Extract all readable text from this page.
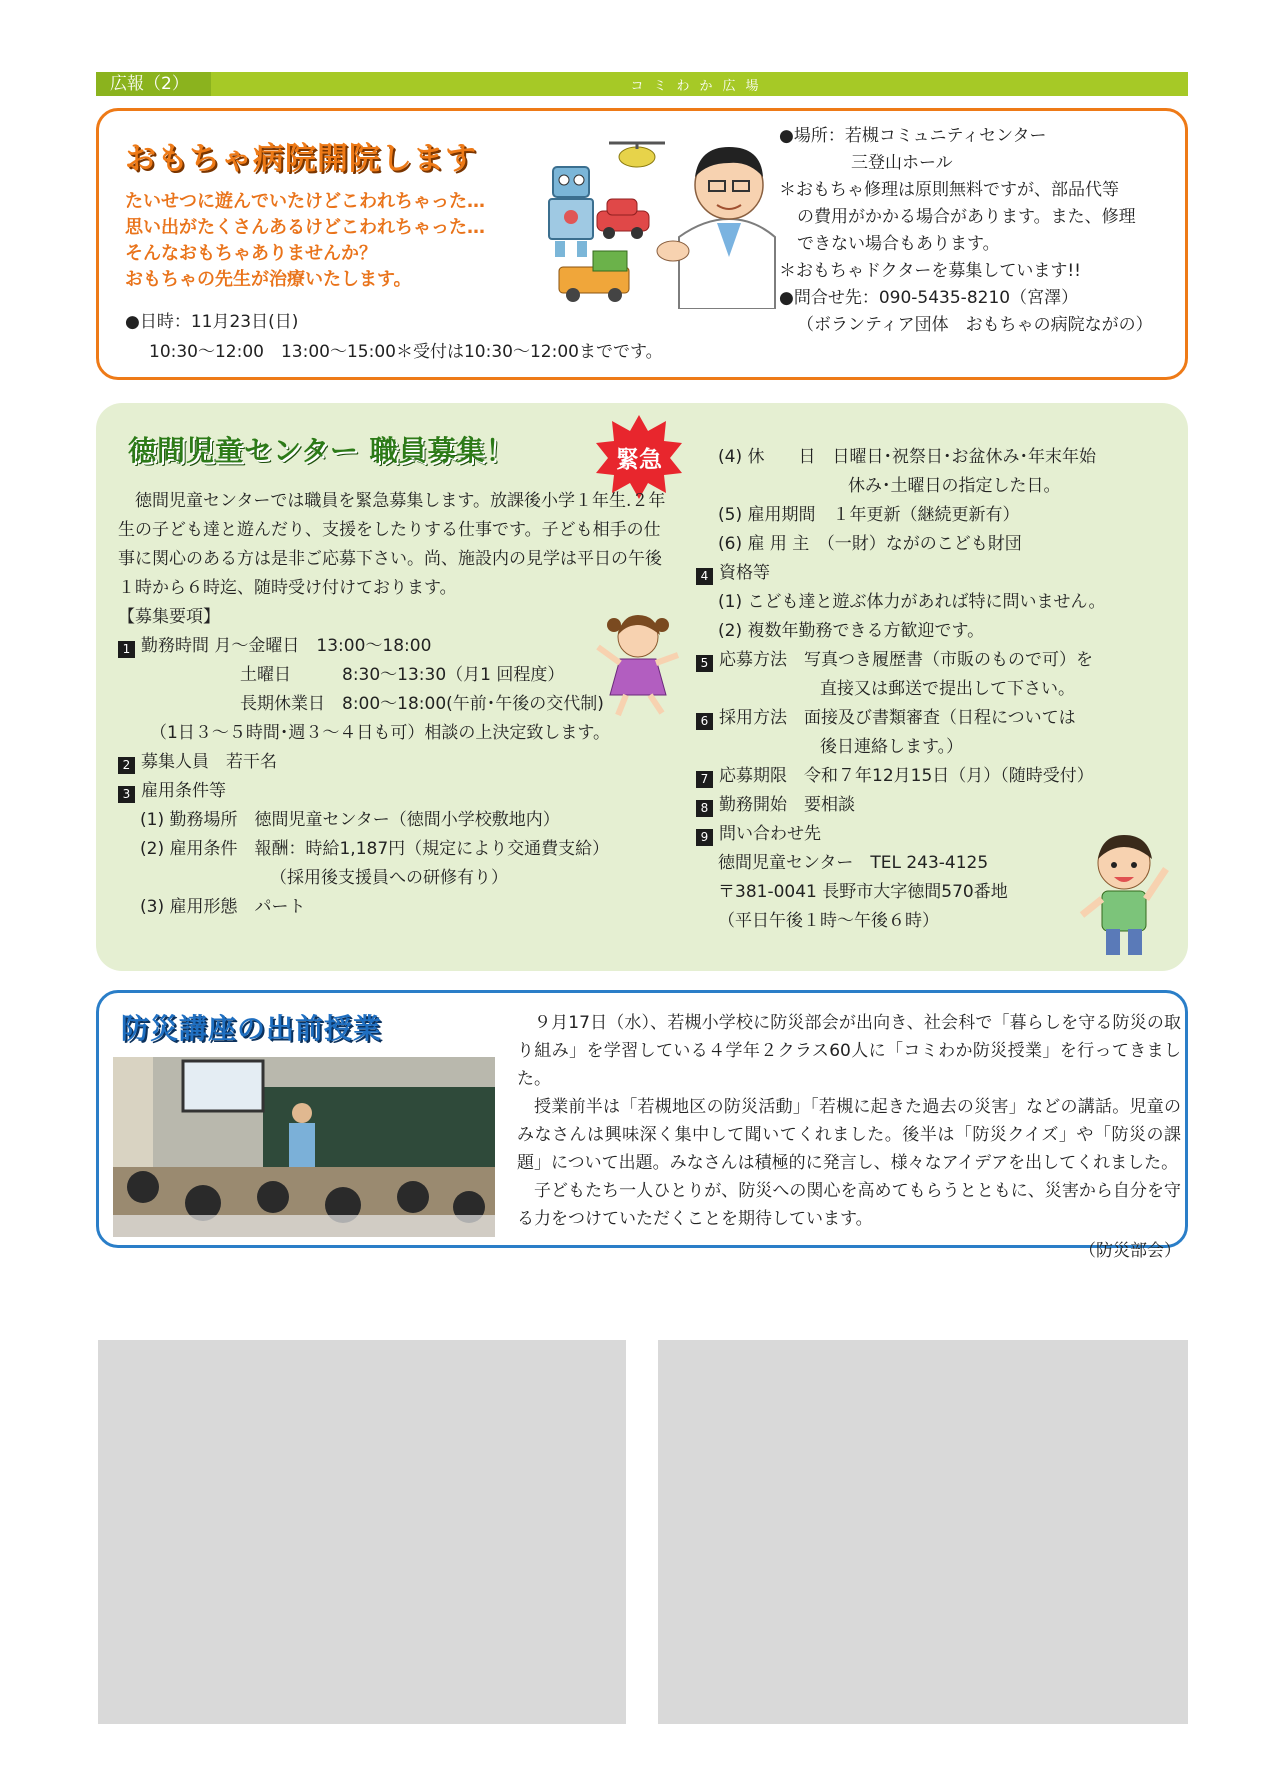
広報（2）	コミわか広場
おもちゃ病院開院します
たいせつに遊んでいたけどこわれちゃった…
思い出がたくさんあるけどこわれちゃった…
そんなおもちゃありませんか？
おもちゃの先生が治療いたします。
●日時：11月23日(日)
10:30～12:00　13:00～15:00＊受付は10:30～12:00までです。
●場所：若槻コミュニティセンター
三登山ホール
＊おもちゃ修理は原則無料ですが、部品代等
の費用がかかる場合があります。また、修理
できない場合もあります。
＊おもちゃドクターを募集しています!!
●問合せ先：090-5435-8210（宮澤）
（ボランティア団体　おもちゃの病院ながの）
徳間児童センター 職員募集！	緊急
　徳間児童センターでは職員を緊急募集します。放課後小学１年生.２年生の子ども達と遊んだり、支援をしたりする仕事です。子ども相手の仕事に関心のある方は是非ご応募下さい。尚、施設内の見学は平日の午後１時から６時迄、随時受け付けております。
【募集要項】
1 勤務時間 月～金曜日　13:00～18:00
土曜日　　　8:30～13:30（月1 回程度）
長期休業日　8:00～18:00(午前･午後の交代制)
（1日３～５時間･週３～４日も可）相談の上決定致します。
2 募集人員　若干名
3 雇用条件等
(1) 勤務場所　徳間児童センター（徳間小学校敷地内）
(2) 雇用条件　報酬：時給1,187円（規定により交通費支給）
（採用後支援員への研修有り）
(3) 雇用形態　パート
(4) 休　　日　日曜日･祝祭日･お盆休み･年末年始
休み･土曜日の指定した日。
(5) 雇用期間　１年更新（継続更新有）
(6) 雇 用 主　（一財）ながのこども財団
4 資格等
(1) こども達と遊ぶ体力があれば特に問いません。
(2) 複数年勤務できる方歓迎です。
5 応募方法　写真つき履歴書（市販のもので可）を
直接又は郵送で提出して下さい。
6 採用方法　面接及び書類審査（日程については
後日連絡します。）
7 応募期限　令和７年12月15日（月）（随時受付）
8 勤務開始　要相談
9 問い合わせ先
徳間児童センター　TEL 243-4125
〒381-0041 長野市大字徳間570番地
（平日午後１時～午後６時）
防災講座の出前授業	９月17日（水）、若槻小学校に防災部会が出向き、社会科で「暮らしを守る防災の取り組み」を学習している４学年２クラス60人に「コミわか防災授業」を行ってきました。

授業前半は「若槻地区の防災活動」「若槻に起きた過去の災害」などの講話。児童のみなさんは興味深く集中して聞いてくれました。後半は「防災クイズ」や「防災の課題」について出題。みなさんは積極的に発言し、様々なアイデアを出してくれました。

子どもたち一人ひとりが、防災への関心を高めてもらうとともに、災害から自分を守る力をつけていただくことを期待しています。

（防災部会）
